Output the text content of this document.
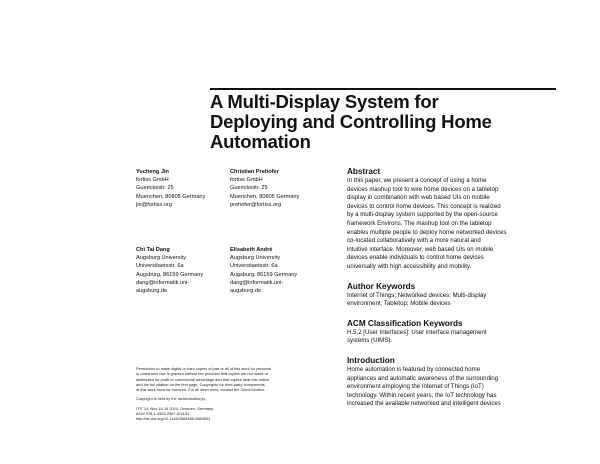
A Multi-Display System for
Deploying and Controlling Home
Automation
Yucheng Jin
fortiss GmbH
Guerickestr. 25
Muenchen, 80805 Germany
jin@fortiss.org
Christian Prehofer
fortiss GmbH
Guerickestr. 25
Muenchen, 80805 Germany
prehofer@fortiss.org
Chi Tai Dang
Augsburg University
Universitaetsstr. 6a
Augsburg, 86159 Germany
dang@informatik.uni-
augsburg.de
Elisabeth André
Augsburg University
Universitaetsstr. 6a
Augsburg, 86159 Germany
dang@informatik.uni-
augsburg.de
Permission to make digital or hard copies of part or all of this work for personal
or classroom use is granted without fee provided that copies are not made or
distributed for profit or commercial advantage and that copies bear this notice
and the full citation on the first page. Copyrights for third-party components
of this work must be honored. For all other uses, contact the Owner/Author.
Copyright is held by the owner/author(s).
ITS '14, Nov 16-19 2014, Dresden, Germany
ACM 978-1-4503-2587-5/14/11.
http://dx.doi.org/10.1145/2669485.2669553
Abstract
In this paper, we present a concept of using a home
devices mashup tool to wire home devices on a tabletop
display in combination with web based UIs on mobile
devices to control home devices. This concept is realized
by a multi-display system supported by the open-source
framework Environs. The mashup tool on the tabletop
enables multiple people to deploy home networked devices
co-located collaboratively with a more natural and
intuitive interface. Moreover, web based UIs on mobile
devices enable individuals to control home devices
universally with high accessibility and mobility.
Author Keywords
Internet of Things; Networked devices; Multi-display
environment; Tabletop; Mobile devices
ACM Classification Keywords
H.5.2 [User Interfaces]: User interface management
systems (UIMS).
Introduction
Home automation is featured by connected home
appliances and automatic awareness of the surrounding
environment employing the Internet of Things (IoT)
technology. Within recent years, the IoT technology has
increased the available networked and intelligent devices
